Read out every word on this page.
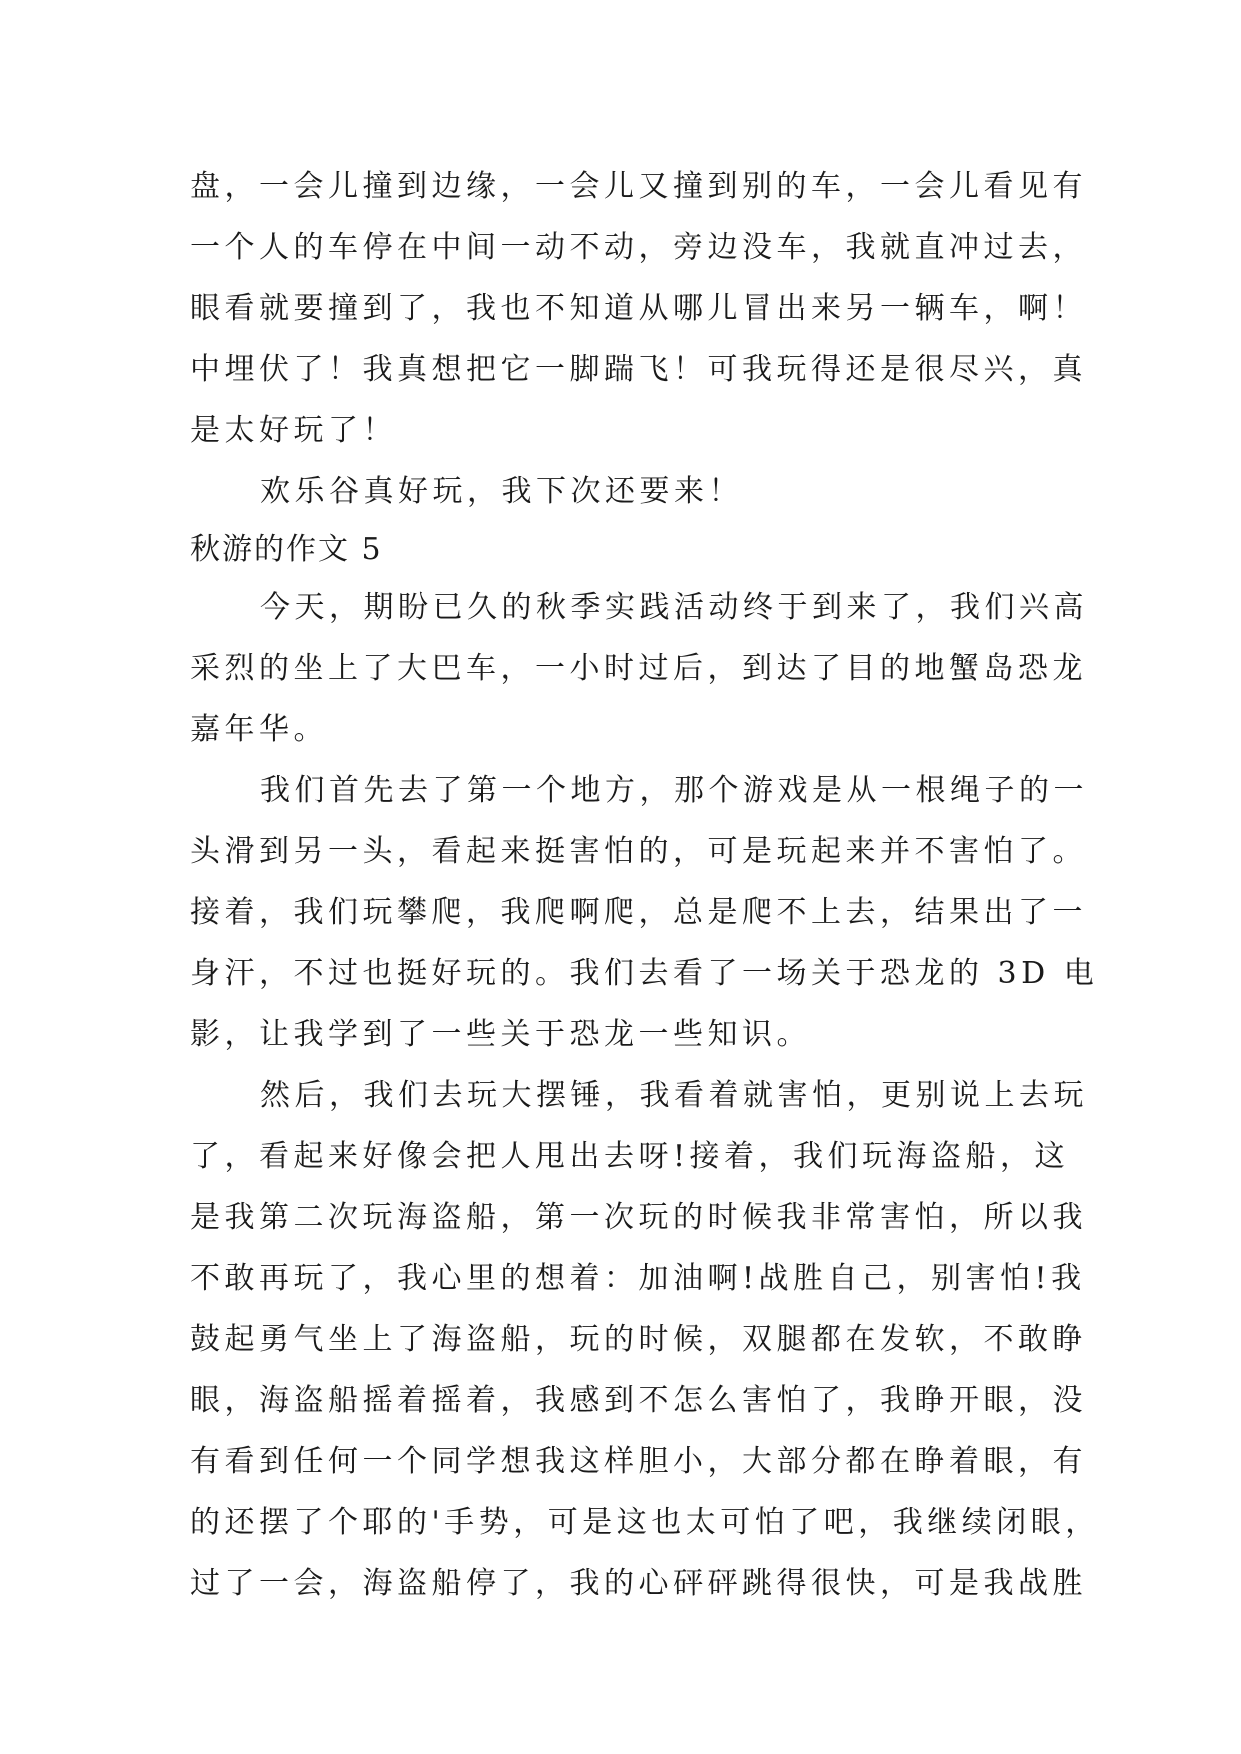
盘，一会儿撞到边缘，一会儿又撞到别的车，一会儿看见有
一个人的车停在中间一动不动，旁边没车，我就直冲过去，
眼看就要撞到了，我也不知道从哪儿冒出来另一辆车，啊！
中埋伏了！我真想把它一脚踹飞！可我玩得还是很尽兴，真
是太好玩了！
欢乐谷真好玩，我下次还要来！
秋游的作文 5
今天，期盼已久的秋季实践活动终于到来了，我们兴高
采烈的坐上了大巴车，一小时过后，到达了目的地蟹岛恐龙
嘉年华。
我们首先去了第一个地方，那个游戏是从一根绳子的一
头滑到另一头，看起来挺害怕的，可是玩起来并不害怕了。
接着，我们玩攀爬，我爬啊爬，总是爬不上去，结果出了一
身汗，不过也挺好玩的。我们去看了一场关于恐龙的 3D 电
影，让我学到了一些关于恐龙一些知识。
然后，我们去玩大摆锤，我看着就害怕，更别说上去玩
了，看起来好像会把人甩出去呀!接着，我们玩海盗船，这
是我第二次玩海盗船，第一次玩的时候我非常害怕，所以我
不敢再玩了，我心里的想着：加油啊!战胜自己，别害怕!我
鼓起勇气坐上了海盗船，玩的时候，双腿都在发软，不敢睁
眼，海盗船摇着摇着，我感到不怎么害怕了，我睁开眼，没
有看到任何一个同学想我这样胆小，大部分都在睁着眼，有
的还摆了个耶的'手势，可是这也太可怕了吧，我继续闭眼，
过了一会，海盗船停了，我的心砰砰跳得很快，可是我战胜
